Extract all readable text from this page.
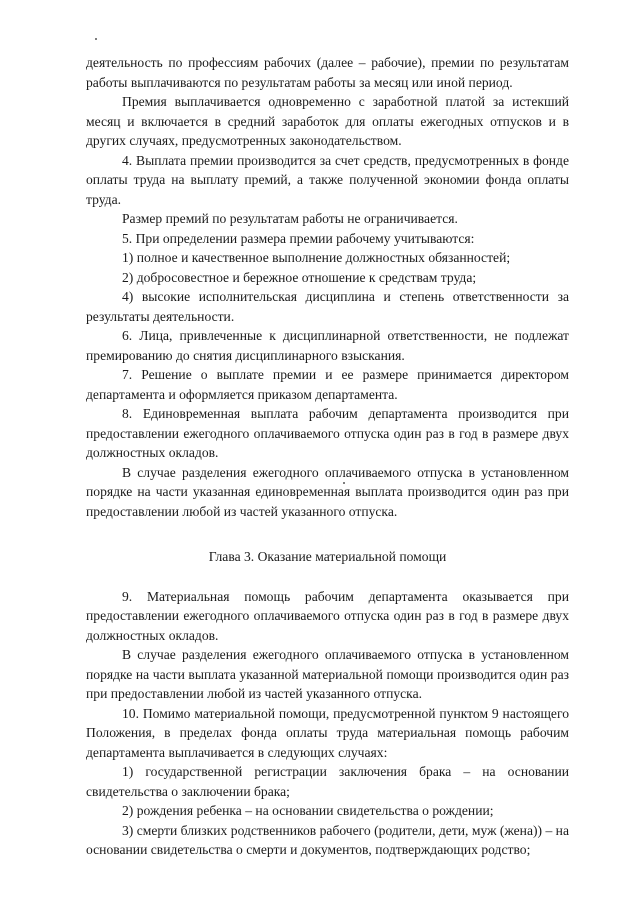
деятельность по профессиям рабочих (далее – рабочие), премии по результатам работы выплачиваются по результатам работы за месяц или иной период.

Премия выплачивается одновременно с заработной платой за истекший месяц и включается в средний заработок для оплаты ежегодных отпусков и в других случаях, предусмотренных законодательством.

4. Выплата премии производится за счет средств, предусмотренных в фонде оплаты труда на выплату премий, а также полученной экономии фонда оплаты труда.

Размер премий по результатам работы не ограничивается.

5. При определении размера премии рабочему учитываются:

1) полное и качественное выполнение должностных обязанностей;

2) добросовестное и бережное отношение к средствам труда;

4) высокие исполнительская дисциплина и степень ответственности за результаты деятельности.

6. Лица, привлеченные к дисциплинарной ответственности, не подлежат премированию до снятия дисциплинарного взыскания.

7. Решение о выплате премии и ее размере принимается директором департамента и оформляется приказом департамента.

8. Единовременная выплата рабочим департамента производится при предоставлении ежегодного оплачиваемого отпуска один раз в год в размере двух должностных окладов.

В случае разделения ежегодного оплачиваемого отпуска в установленном порядке на части указанная единовременная выплата производится один раз при предоставлении любой из частей указанного отпуска.

Глава 3. Оказание материальной помощи

9. Материальная помощь рабочим департамента оказывается при предоставлении ежегодного оплачиваемого отпуска один раз в год в размере двух должностных окладов.

В случае разделения ежегодного оплачиваемого отпуска в установленном порядке на части выплата указанной материальной помощи производится один раз при предоставлении любой из частей указанного отпуска.

10. Помимо материальной помощи, предусмотренной пунктом 9 настоящего Положения, в пределах фонда оплаты труда материальная помощь рабочим департамента выплачивается в следующих случаях:

1) государственной регистрации заключения брака – на основании свидетельства о заключении брака;

2) рождения ребенка – на основании свидетельства о рождении;

3) смерти близких родственников рабочего (родители, дети, муж (жена)) – на основании свидетельства о смерти и документов, подтверждающих родство;
